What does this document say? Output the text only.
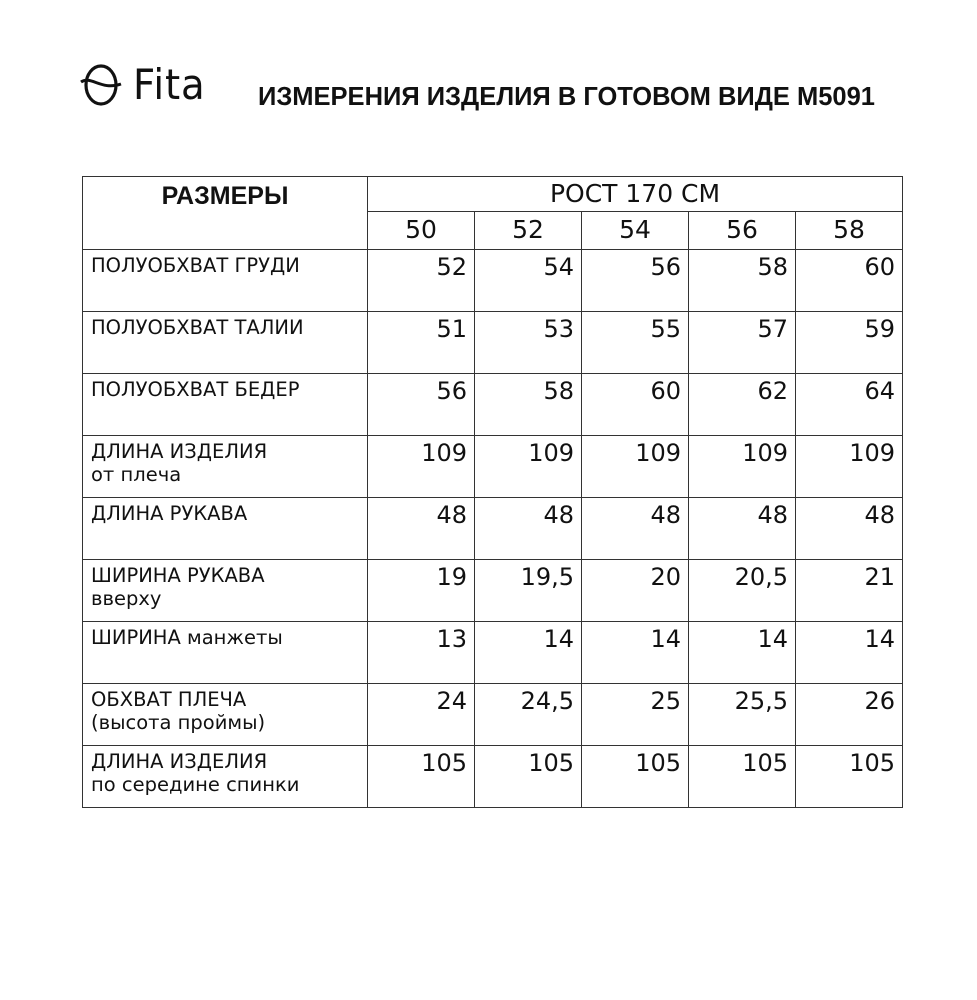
Fita ИЗМЕРЕНИЯ ИЗДЕЛИЯ В ГОТОВОМ ВИДЕ М5091
РАЗМЕРЫ	РОСТ 170 СМ				
	50	52	54	56	58
ПОЛУОБХВАТ ГРУДИ	52	54	56	58	60
ПОЛУОБХВАТ ТАЛИИ	51	53	55	57	59
ПОЛУОБХВАТ БЕДЕР	56	58	60	62	64
ДЛИНА ИЗДЕЛИЯ
от плеча	109	109	109	109	109
ДЛИНА РУКАВА	48	48	48	48	48
ШИРИНА РУКАВА
вверху	19	19,5	20	20,5	21
ШИРИНА манжеты	13	14	14	14	14
ОБХВАТ ПЛЕЧА
(высота проймы)	24	24,5	25	25,5	26
ДЛИНА ИЗДЕЛИЯ
по середине спинки	105	105	105	105	105
